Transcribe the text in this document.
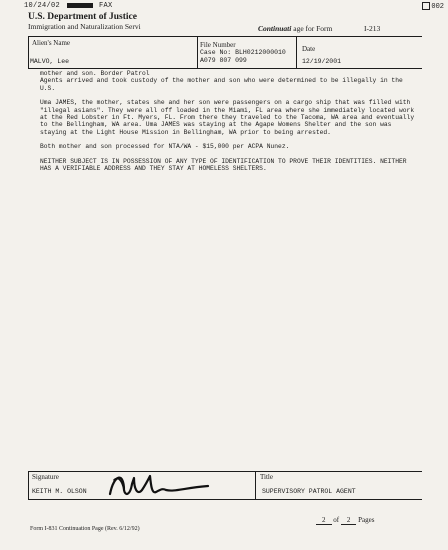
10/24/02	FAX	002
U.S. Department of Justice
Immigration and Naturalization Servi	Continuati age for Form	I-213
Alien's Name
MALVO, Lee
File Number
Case No: BLH0212000010
A079 807 099
Date
12/19/2001

mother and son. Border Patrol
Agents arrived and took custody of the mother and son who were determined to be illegally in the U.S.

Uma JAMES, the mother, states she and her son were passengers on a cargo ship that was filled with "illegal asians". They were all off loaded in the Miami, FL area where she immediately located work at the Red Lobster in Ft. Myers, FL. From there they traveled to the Tacoma, WA area and eventually to the Bellingham, WA area. Uma JAMES was staying at the Agape Womens Shelter and the son was staying at the Light House Mission in Bellingham, WA prior to being arrested.

Both mother and son processed for NTA/WA - $15,000 per ACPA Nunez.

NEITHER SUBJECT IS IN POSSESSION OF ANY TYPE OF IDENTIFICATION TO PROVE THEIR IDENTITIES. NEITHER HAS A VERIFIABLE ADDRESS AND THEY STAY AT HOMELESS SHELTERS.

Signature
KEITH M. OLSON
Title
SUPERVISORY PATROL AGENT
2 of 2 Pages
Form I-831 Continuation Page (Rev. 6/12/92)
